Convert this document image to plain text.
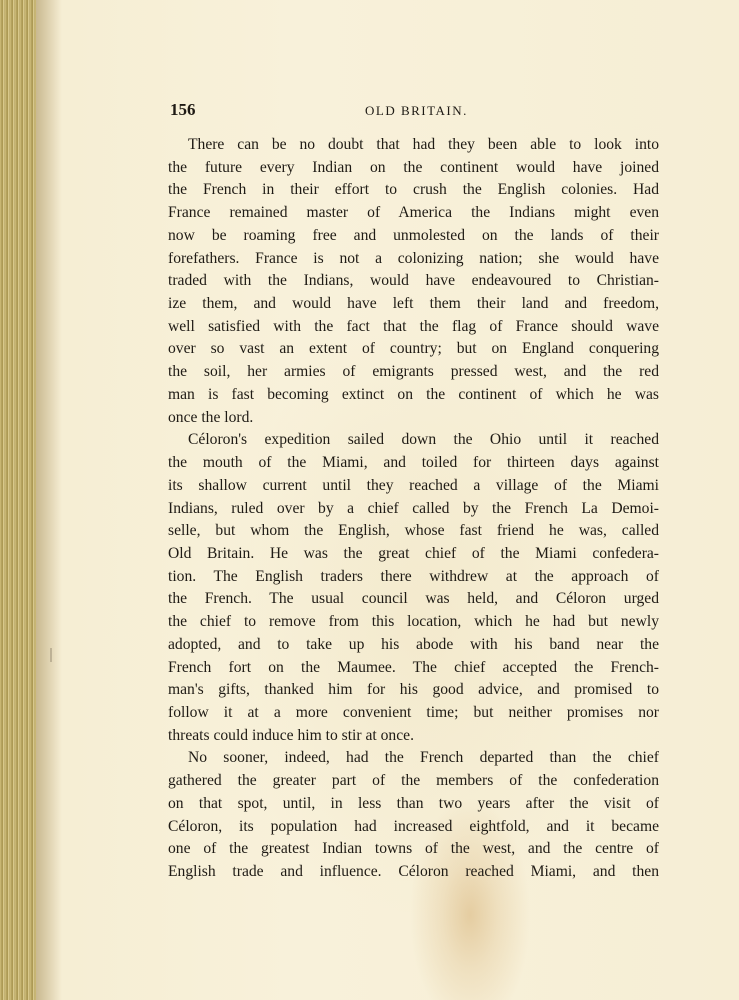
156	OLD BRITAIN.

There can be no doubt that had they been able to look into
the future every Indian on the continent would have joined
the French in their effort to crush the English colonies. Had
France remained master of America the Indians might even
now be roaming free and unmolested on the lands of their
forefathers. France is not a colonizing nation; she would have
traded with the Indians, would have endeavoured to Christian-
ize them, and would have left them their land and freedom,
well satisfied with the fact that the flag of France should wave
over so vast an extent of country; but on England conquering
the soil, her armies of emigrants pressed west, and the red
man is fast becoming extinct on the continent of which he was
once the lord.

Céloron's expedition sailed down the Ohio until it reached
the mouth of the Miami, and toiled for thirteen days against
its shallow current until they reached a village of the Miami
Indians, ruled over by a chief called by the French La Demoi-
selle, but whom the English, whose fast friend he was, called
Old Britain. He was the great chief of the Miami confedera-
tion. The English traders there withdrew at the approach of
the French. The usual council was held, and Céloron urged
the chief to remove from this location, which he had but newly
adopted, and to take up his abode with his band near the
French fort on the Maumee. The chief accepted the French-
man's gifts, thanked him for his good advice, and promised to
follow it at a more convenient time; but neither promises nor
threats could induce him to stir at once.

No sooner, indeed, had the French departed than the chief
gathered the greater part of the members of the confederation
on that spot, until, in less than two years after the visit of
Céloron, its population had increased eightfold, and it became
one of the greatest Indian towns of the west, and the centre of
English trade and influence. Céloron reached Miami, and then
